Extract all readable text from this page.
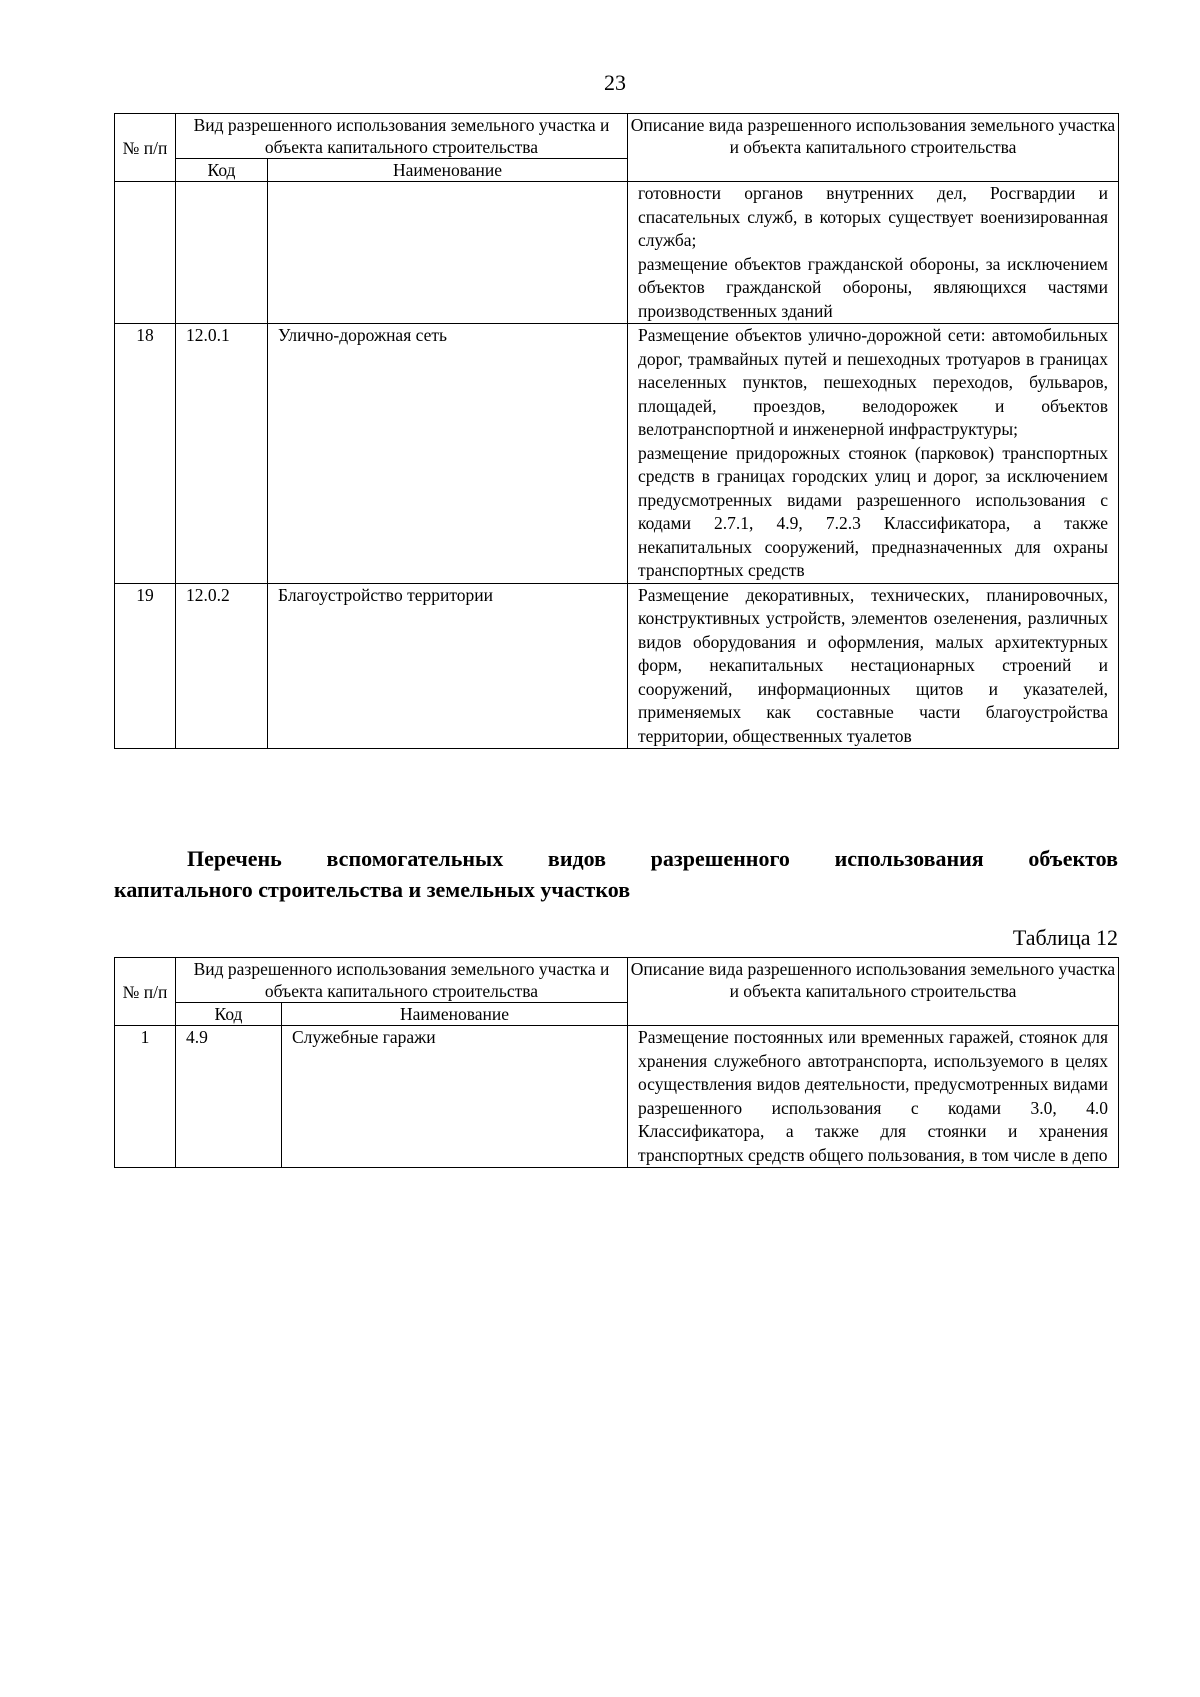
23
№ п/п	Вид разрешенного использования земельного участка и объекта капитального строительства		Описание вида разрешенного использования земельного участка и объекта капитального строительства
	Код	Наименование	

			готовности органов внутренних дел, Росгвардии и спасательных служб, в которых существует военизированная служба;

размещение объектов гражданской обороны, за исключением объектов гражданской обороны, являющихся частями производственных зданий

18	12.0.1	Улично-дорожная сеть	Размещение объектов улично-дорожной сети: автомобильных дорог, трамвайных путей и пешеходных тротуаров в границах населенных пунктов, пешеходных переходов, бульваров, площадей, проездов, велодорожек и объектов велотранспортной и инженерной инфраструктуры;

размещение придорожных стоянок (парковок) транспортных средств в границах городских улиц и дорог, за исключением предусмотренных видами разрешенного использования с кодами 2.7.1, 4.9, 7.2.3 Классификатора, а также некапитальных сооружений, предназначенных для охраны транспортных средств

19	12.0.2	Благоустройство территории	Размещение декоративных, технических, планировочных, конструктивных устройств, элементов озеленения, различных видов оборудования и оформления, малых архитектурных форм, некапитальных нестационарных строений и сооружений, информационных щитов и указателей, применяемых как составные части благоустройства территории, общественных туалетов

Перечень вспомогательных видов разрешенного использования объектов
капитального строительства и земельных участков
Таблица 12
№ п/п	Вид разрешенного использования земельного участка и объекта капитального строительства		Описание вида разрешенного использования земельного участка и объекта капитального строительства
	Код	Наименование	
1	4.9	Служебные гаражи	Размещение постоянных или временных гаражей, стоянок для хранения служебного автотранспорта, используемого в целях осуществления видов деятельности, предусмотренных видами разрешенного использования с кодами 3.0, 4.0 Классификатора, а также для стоянки и хранения транспортных средств общего пользования, в том числе в депо
